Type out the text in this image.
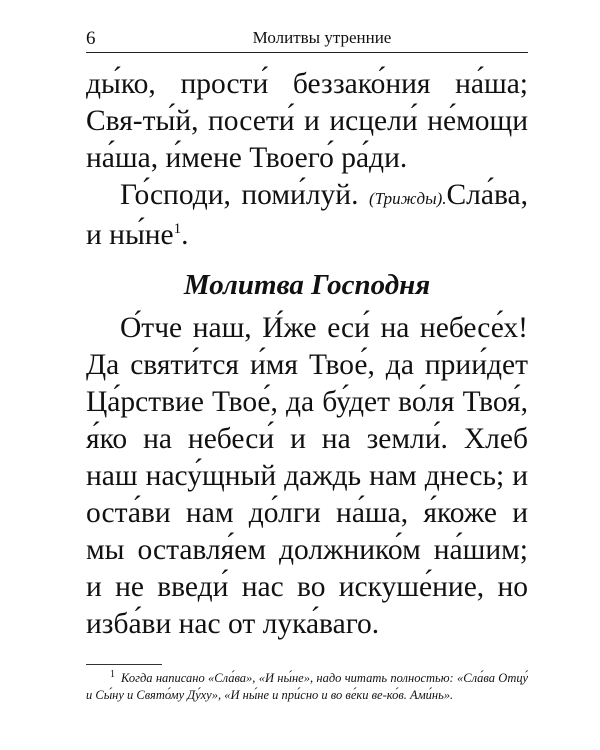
6	Молитвы утренние

ды́ко, прости́ беззако́ния на́ша; Свя-ты́й, посети́ и исцели́ не́мощи на́ша, и́мене Твоего́ ра́ди.

Го́споди, поми́луй. (Трижды).Сла́ва, и $ны́не^1$.

Молитва Господня

О́тче наш, И́же еси́ на небесе́х! Да святи́тся и́мя Твое́, да прии́дет Ца́рствие Твое́, да бу́дет во́ля Твоя́, я́ко на небеси́ и на земли́. Хлеб наш насу́щный даждь нам днесь; и оста́ви нам до́лги на́ша, я́коже и мы оставля́ем должнико́м на́шим; и не введи́ нас во искуше́ние, но изба́ви нас от лука́ваго.

$^1$ Когда написано «Сла́ва», «И ны́не», надо читать полностью: «Сла́ва Отцу́ и Сы́ну и Свято́му Ду́ху», «И ны́не и при́сно и во ве́ки ве-ко́в. Ами́нь».
